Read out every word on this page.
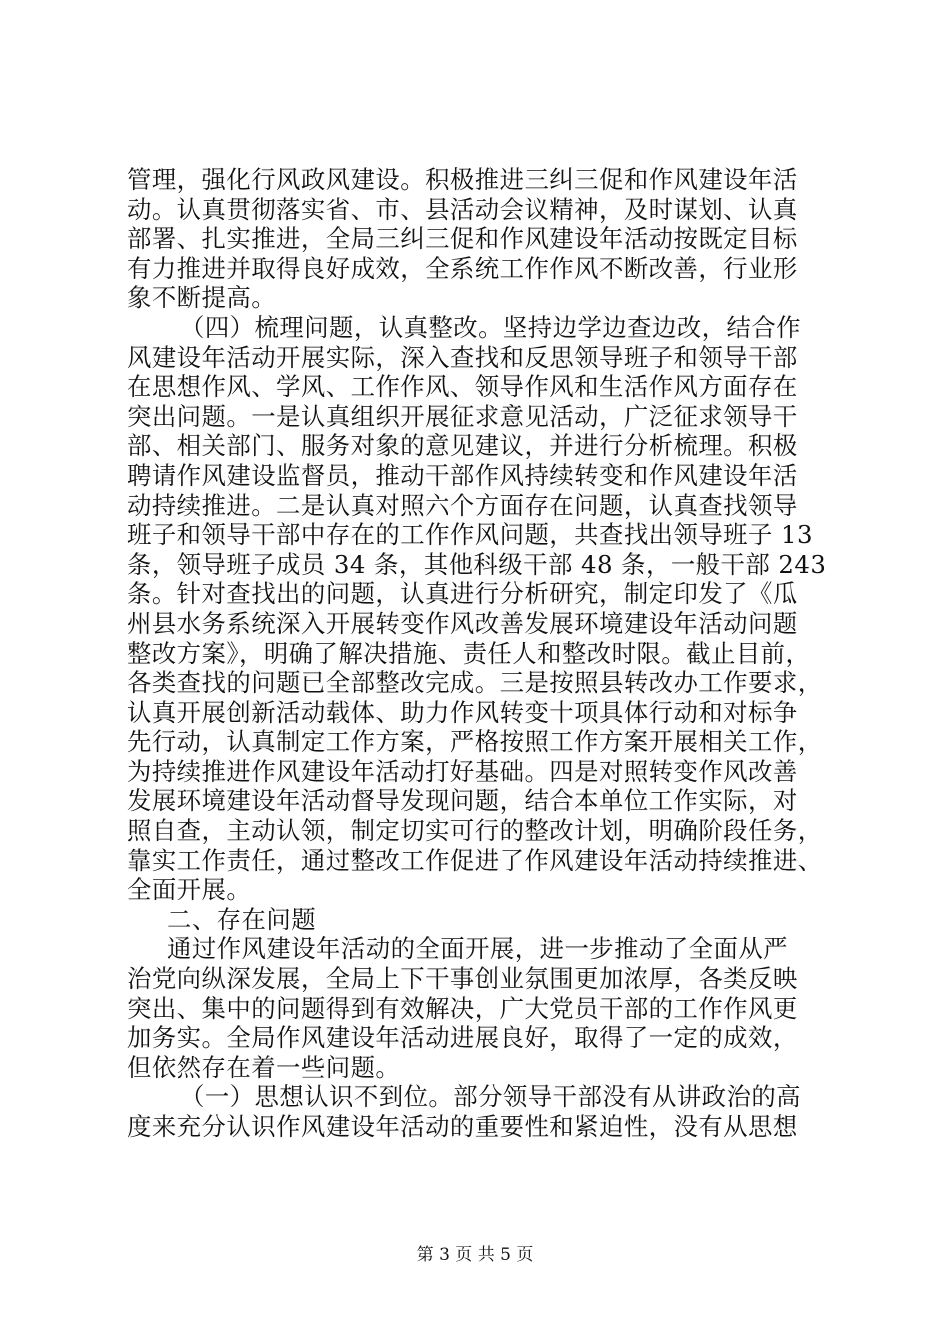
管理，强化行风政风建设。积极推进三纠三促和作风建设年活
动。认真贯彻落实省、市、县活动会议精神，及时谋划、认真
部署、扎实推进，全局三纠三促和作风建设年活动按既定目标
有力推进并取得良好成效，全系统工作作风不断改善，行业形
象不断提高。
（四）梳理问题，认真整改。坚持边学边查边改，结合作
风建设年活动开展实际，深入查找和反思领导班子和领导干部
在思想作风、学风、工作作风、领导作风和生活作风方面存在
突出问题。一是认真组织开展征求意见活动，广泛征求领导干
部、相关部门、服务对象的意见建议，并进行分析梳理。积极
聘请作风建设监督员，推动干部作风持续转变和作风建设年活
动持续推进。二是认真对照六个方面存在问题，认真查找领导
班子和领导干部中存在的工作作风问题，共查找出领导班子 13
条，领导班子成员 34 条，其他科级干部 48 条，一般干部 243
条。针对查找出的问题，认真进行分析研究，制定印发了《瓜
州县水务系统深入开展转变作风改善发展环境建设年活动问题
整改方案》，明确了解决措施、责任人和整改时限。截止目前，
各类查找的问题已全部整改完成。三是按照县转改办工作要求，
认真开展创新活动载体、助力作风转变十项具体行动和对标争
先行动，认真制定工作方案，严格按照工作方案开展相关工作，
为持续推进作风建设年活动打好基础。四是对照转变作风改善
发展环境建设年活动督导发现问题，结合本单位工作实际，对
照自查，主动认领，制定切实可行的整改计划，明确阶段任务，
靠实工作责任，通过整改工作促进了作风建设年活动持续推进、
全面开展。
二、存在问题
通过作风建设年活动的全面开展，进一步推动了全面从严
治党向纵深发展，全局上下干事创业氛围更加浓厚，各类反映
突出、集中的问题得到有效解决，广大党员干部的工作作风更
加务实。全局作风建设年活动进展良好，取得了一定的成效，
但依然存在着一些问题。
（一）思想认识不到位。部分领导干部没有从讲政治的高
度来充分认识作风建设年活动的重要性和紧迫性，没有从思想
第 3 页 共 5 页
